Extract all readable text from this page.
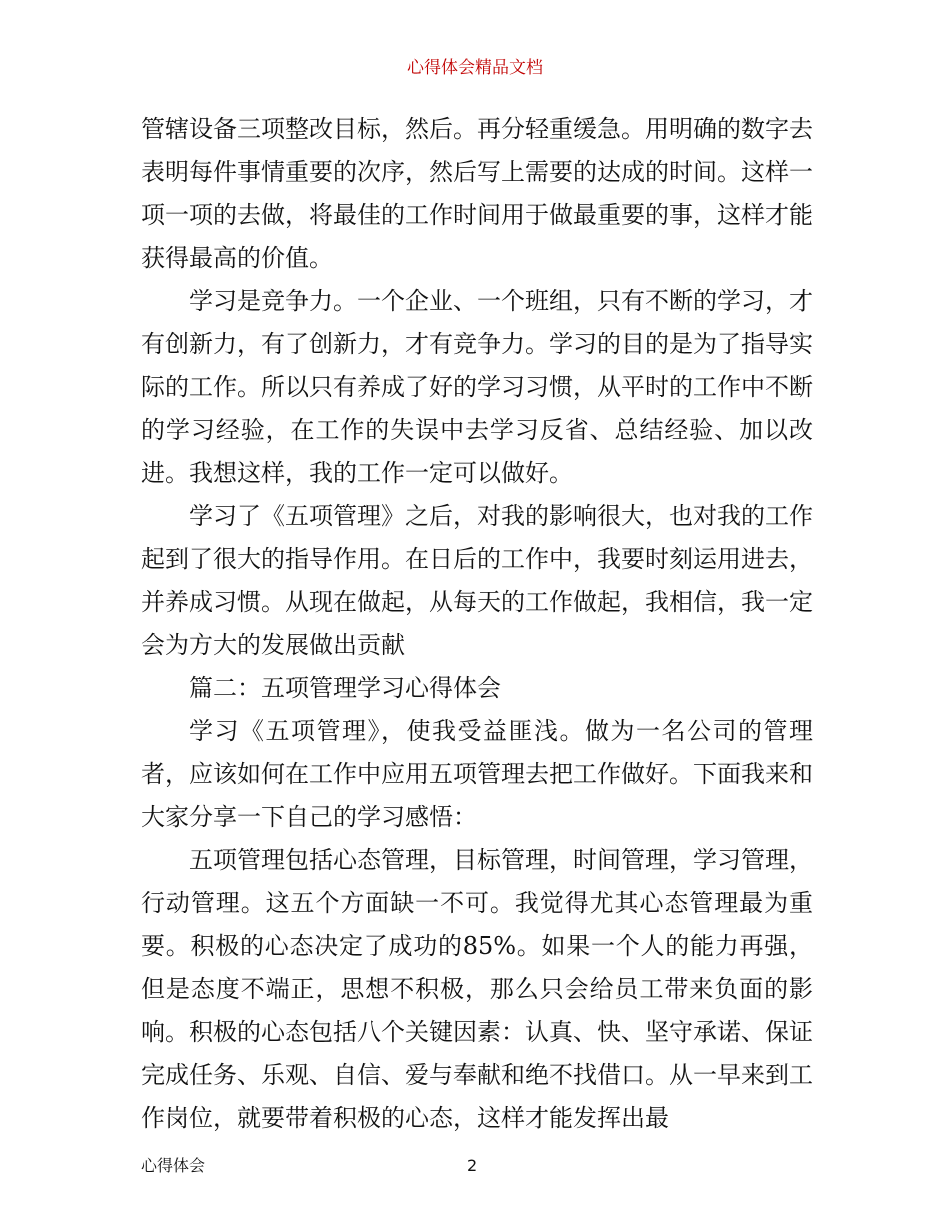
心得体会精品文档

管辖设备三项整改目标，然后。再分轻重缓急。用明确的数字去表明每件事情重要的次序，然后写上需要的达成的时间。这样一项一项的去做，将最佳的工作时间用于做最重要的事，这样才能获得最高的价值。

学习是竞争力。一个企业、一个班组，只有不断的学习，才有创新力，有了创新力，才有竞争力。学习的目的是为了指导实际的工作。所以只有养成了好的学习习惯，从平时的工作中不断的学习经验，在工作的失误中去学习反省、总结经验、加以改进。我想这样，我的工作一定可以做好。

学习了《五项管理》之后，对我的影响很大，也对我的工作起到了很大的指导作用。在日后的工作中，我要时刻运用进去，并养成习惯。从现在做起，从每天的工作做起，我相信，我一定会为方大的发展做出贡献

篇二：五项管理学习心得体会

学习《五项管理》，使我受益匪浅。做为一名公司的管理者，应该如何在工作中应用五项管理去把工作做好。下面我来和大家分享一下自己的学习感悟：

五项管理包括心态管理，目标管理，时间管理，学习管理，行动管理。这五个方面缺一不可。我觉得尤其心态管理最为重要。积极的心态决定了成功的85%。如果一个人的能力再强，但是态度不端正，思想不积极，那么只会给员工带来负面的影响。积极的心态包括八个关键因素：认真、快、坚守承诺、保证完成任务、乐观、自信、爱与奉献和绝不找借口。从一早来到工作岗位，就要带着积极的心态，这样才能发挥出最

心得体会	2
